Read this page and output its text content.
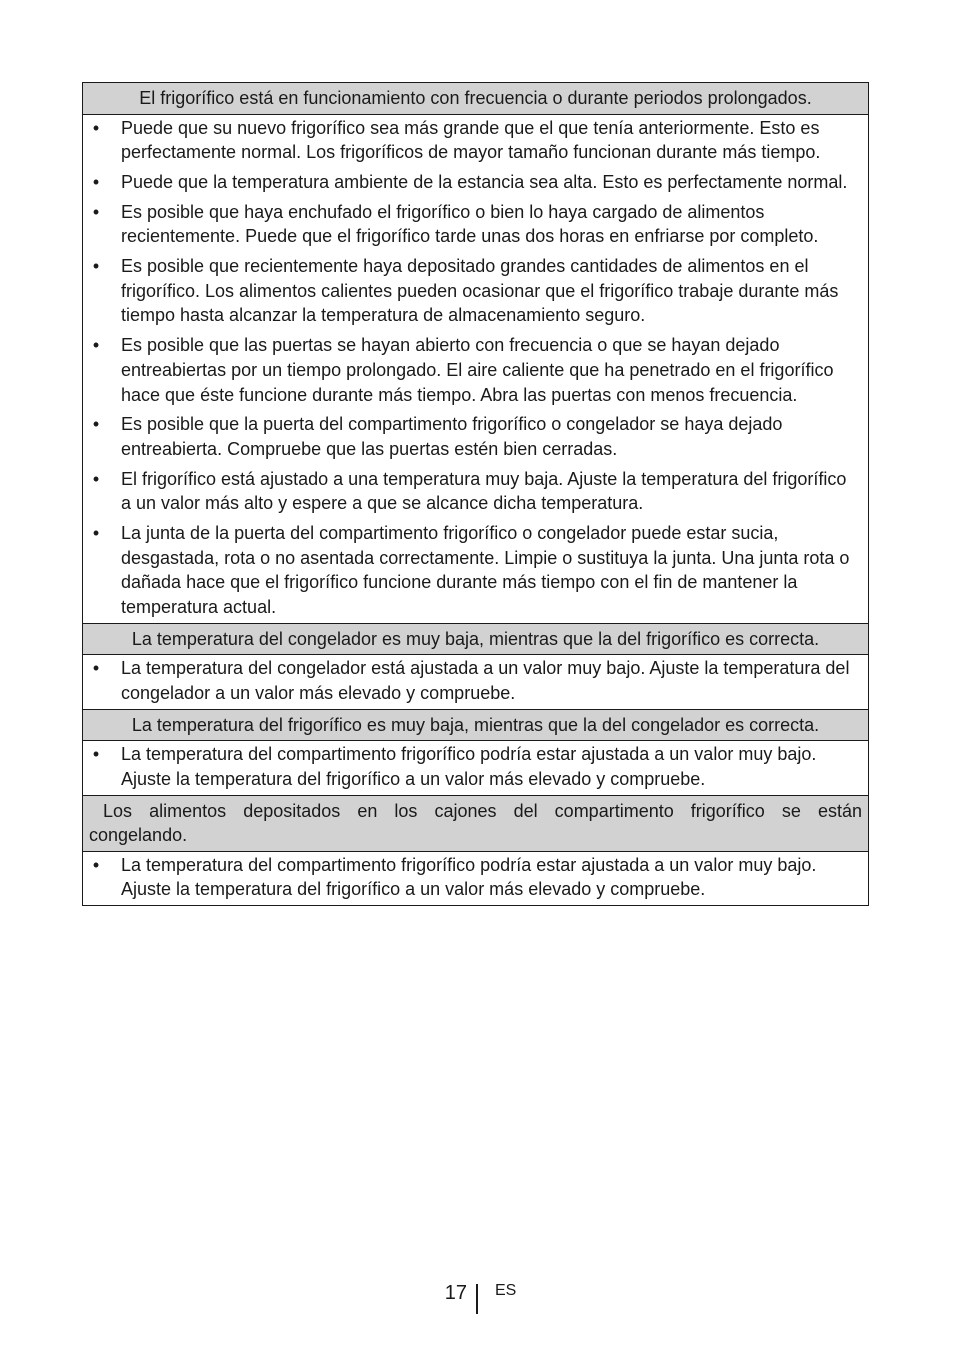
El frigorífico está en funcionamiento con frecuencia o durante periodos prolongados.
• Puede que su nuevo frigorífico sea más grande que el que tenía anteriormente. Esto es perfectamente normal. Los frigoríficos de mayor tamaño funcionan durante más tiempo.
• Puede que la temperatura ambiente de la estancia sea alta. Esto es perfectamente normal.
• Es posible que haya enchufado el frigorífico o bien lo haya cargado de alimentos recientemente. Puede que el frigorífico tarde unas dos horas en enfriarse por completo.
• Es posible que recientemente haya depositado grandes cantidades de alimentos en el frigorífico. Los alimentos calientes pueden ocasionar que el frigorífico trabaje durante más tiempo hasta alcanzar la temperatura de almacenamiento seguro.
• Es posible que las puertas se hayan abierto con frecuencia o que se hayan dejado entreabiertas por un tiempo prolongado. El aire caliente que ha penetrado en el frigorífico hace que éste funcione durante más tiempo. Abra las puertas con menos frecuencia.
• Es posible que la puerta del compartimento frigorífico o congelador se haya dejado entreabierta. Compruebe que las puertas estén bien cerradas.
• El frigorífico está ajustado a una temperatura muy baja. Ajuste la temperatura del frigorífico a un valor más alto y espere a que se alcance dicha temperatura.
• La junta de la puerta del compartimento frigorífico o congelador puede estar sucia, desgastada, rota o no asentada correctamente. Limpie o sustituya la junta. Una junta rota o dañada hace que el frigorífico funcione durante más tiempo con el fin de mantener la temperatura actual.
La temperatura del congelador es muy baja, mientras que la del frigorífico es correcta.
• La temperatura del congelador está ajustada a un valor muy bajo. Ajuste la temperatura del congelador a un valor más elevado y compruebe.
La temperatura del frigorífico es muy baja, mientras que la del congelador es correcta.
• La temperatura del compartimento frigorífico podría estar ajustada a un valor muy bajo. Ajuste la temperatura del frigorífico a un valor más elevado y compruebe.
Los alimentos depositados en los cajones del compartimento frigorífico se están
congelando.
• La temperatura del compartimento frigorífico podría estar ajustada a un valor muy bajo. Ajuste la temperatura del frigorífico a un valor más elevado y compruebe.
17 ES
